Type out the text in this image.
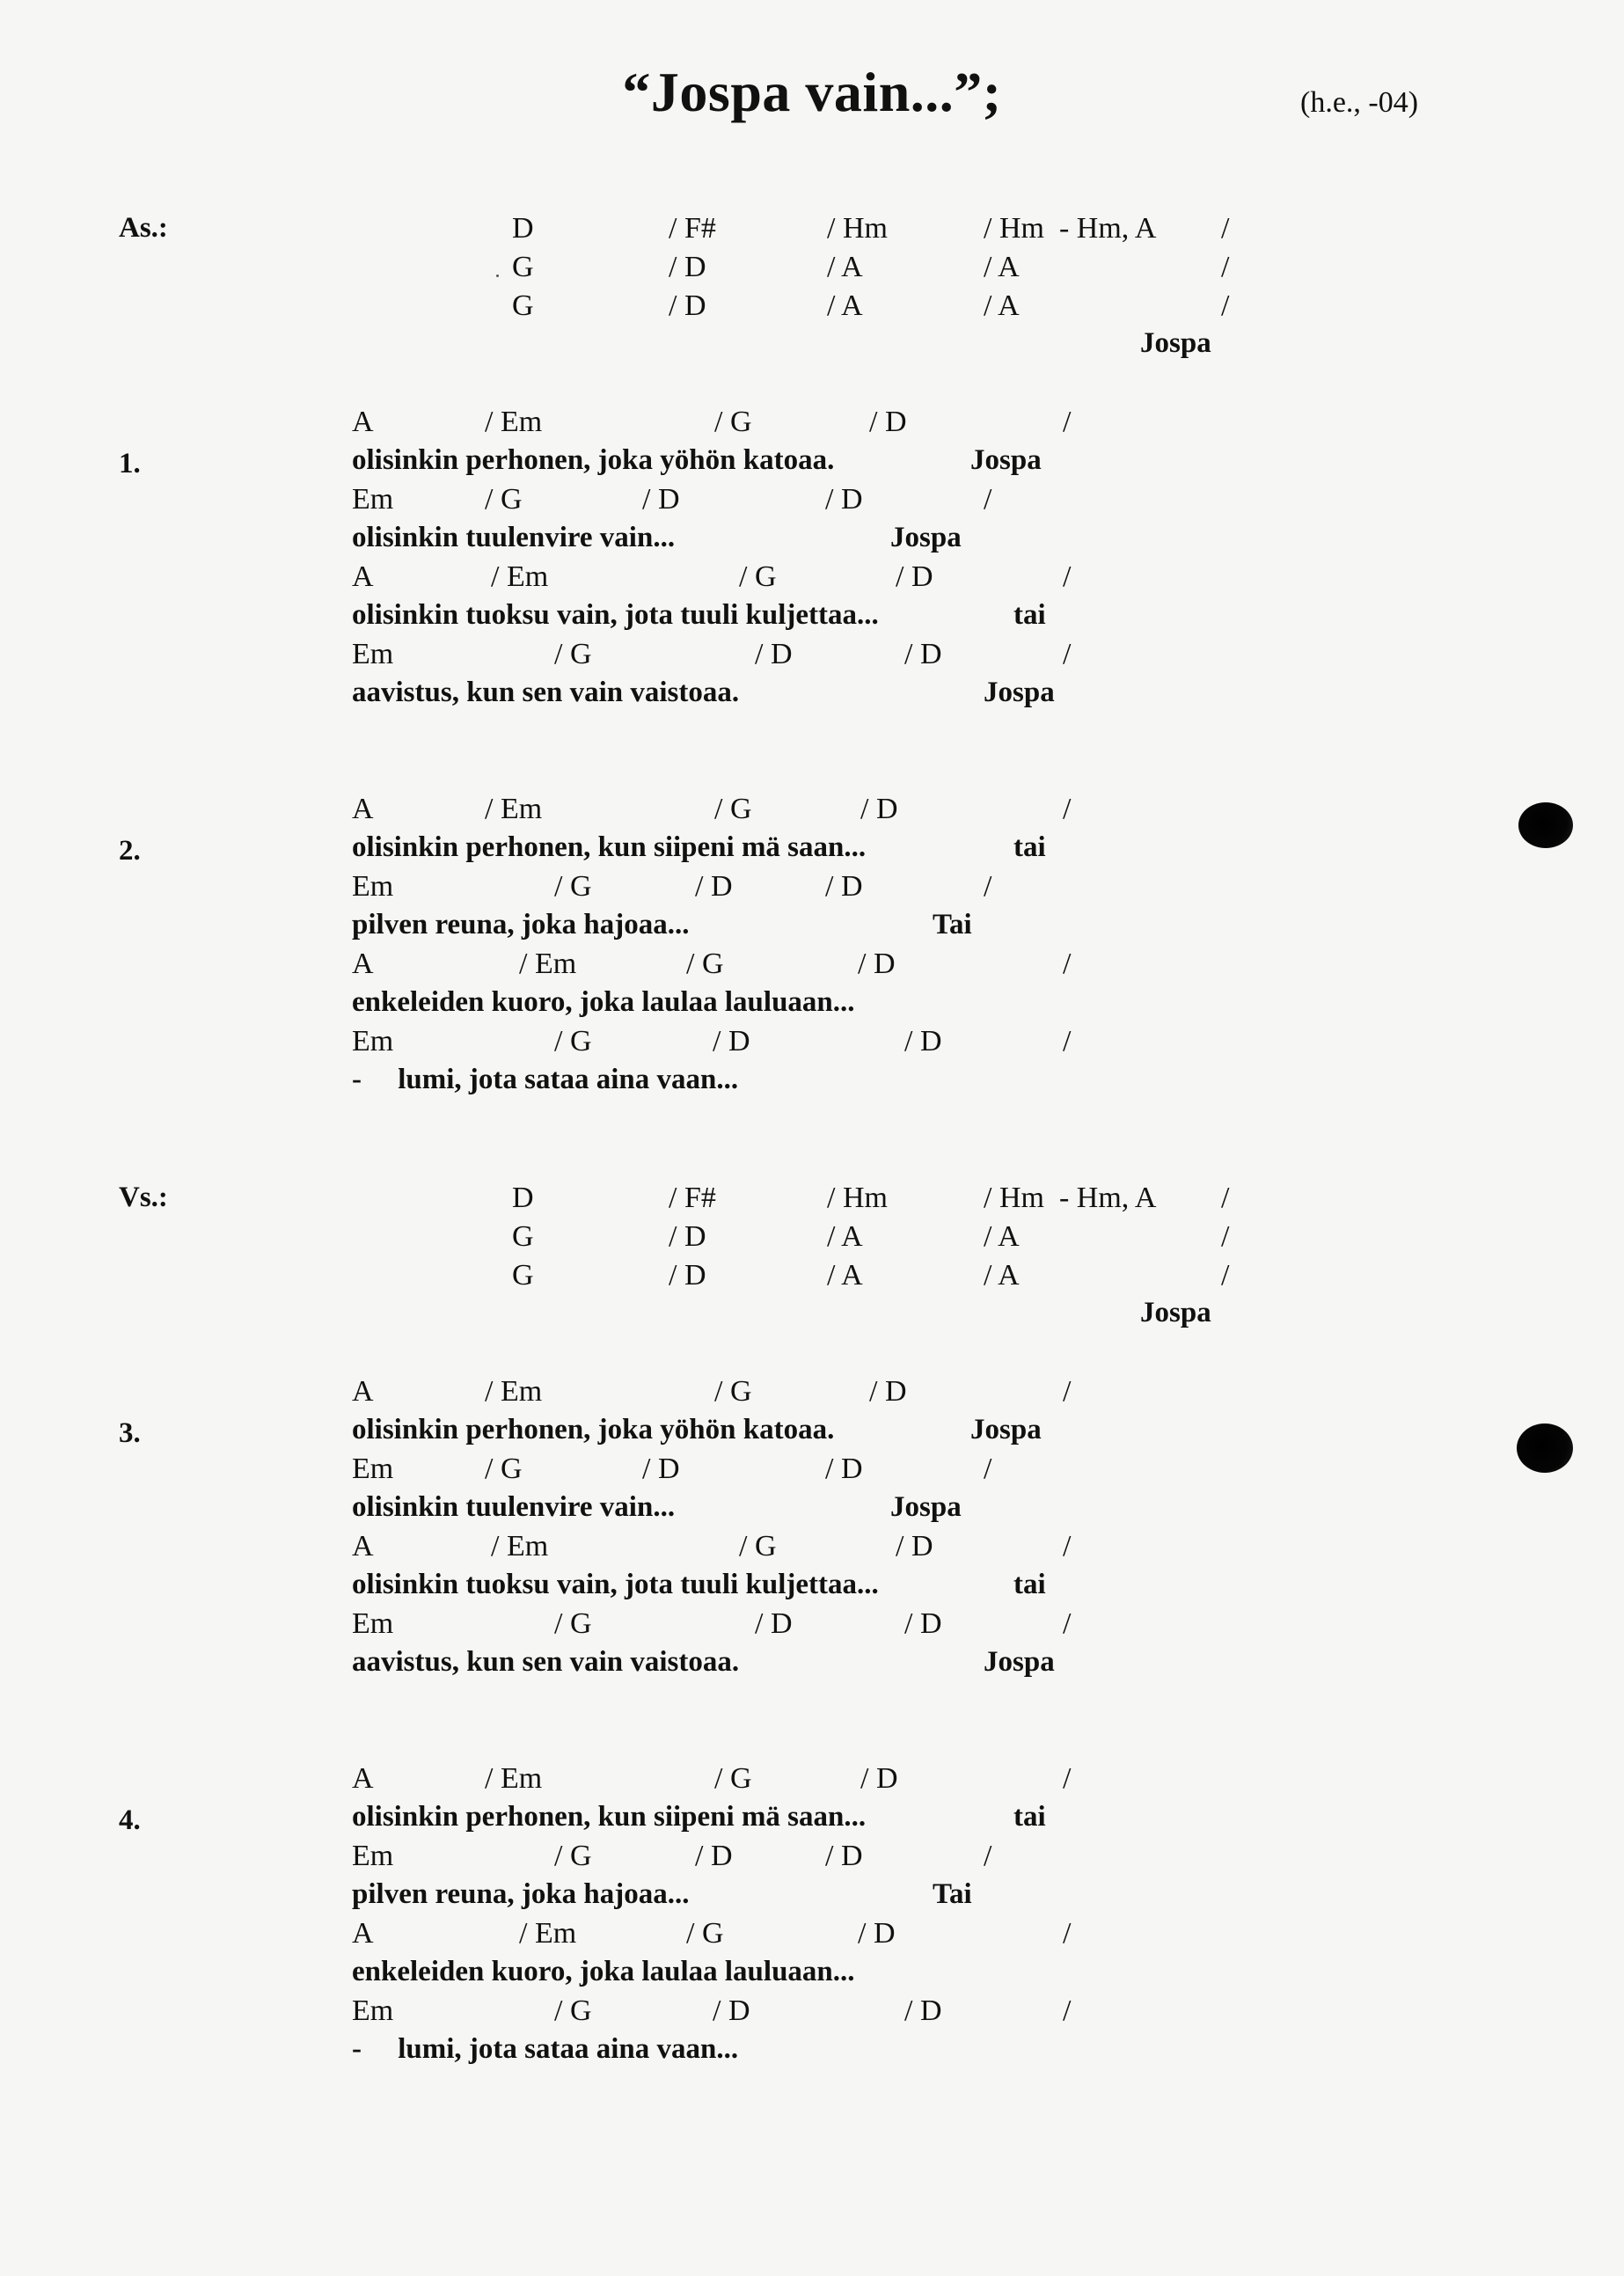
“Jospa vain...”;	(h.e., -04)
As.:	D	/ F#	/ Hm	/ Hm  - Hm, A /
G	/ D	/ A	/ A	/
G	/ D	/ A	/ A	/
Jospa
1.
A	/ Em	/ G	/ D	/
olisinkin perhonen, joka yöhön katoaa.	Jospa
Em	/ G	/ D	/ D	/
olisinkin tuulenvire vain...	Jospa
A	/ Em	/ G	/ D	/
olisinkin tuoksu vain, jota tuuli kuljettaa...	tai
Em	/ G	/ D	/ D	/
aavistus, kun sen vain vaistoaa.	Jospa
2.
A	/ Em	/ G	/ D	/
olisinkin perhonen, kun siipeni mä saan...	tai
Em	/ G	/ D	/ D	/
pilven reuna, joka hajoaa...	Tai
A	/ Em	/ G	/ D	/
enkeleiden kuoro, joka laulaa lauluaan...
Em	/ G	/ D	/ D	/
-     lumi, jota sataa aina vaan...
Vs.:	D	/ F#	/ Hm	/ Hm  - Hm, A /
G	/ D	/ A	/ A	/
G	/ D	/ A	/ A	/
Jospa
3.
A	/ Em	/ G	/ D	/
olisinkin perhonen, joka yöhön katoaa.	Jospa
Em	/ G	/ D	/ D	/
olisinkin tuulenvire vain...	Jospa
A	/ Em	/ G	/ D	/
olisinkin tuoksu vain, jota tuuli kuljettaa...	tai
Em	/ G	/ D	/ D	/
aavistus, kun sen vain vaistoaa.	Jospa
4.
A	/ Em	/ G	/ D	/
olisinkin perhonen, kun siipeni mä saan...	tai
Em	/ G	/ D	/ D	/
pilven reuna, joka hajoaa...	Tai
A	/ Em	/ G	/ D	/
enkeleiden kuoro, joka laulaa lauluaan...
Em	/ G	/ D	/ D	/
-     lumi, jota sataa aina vaan...
